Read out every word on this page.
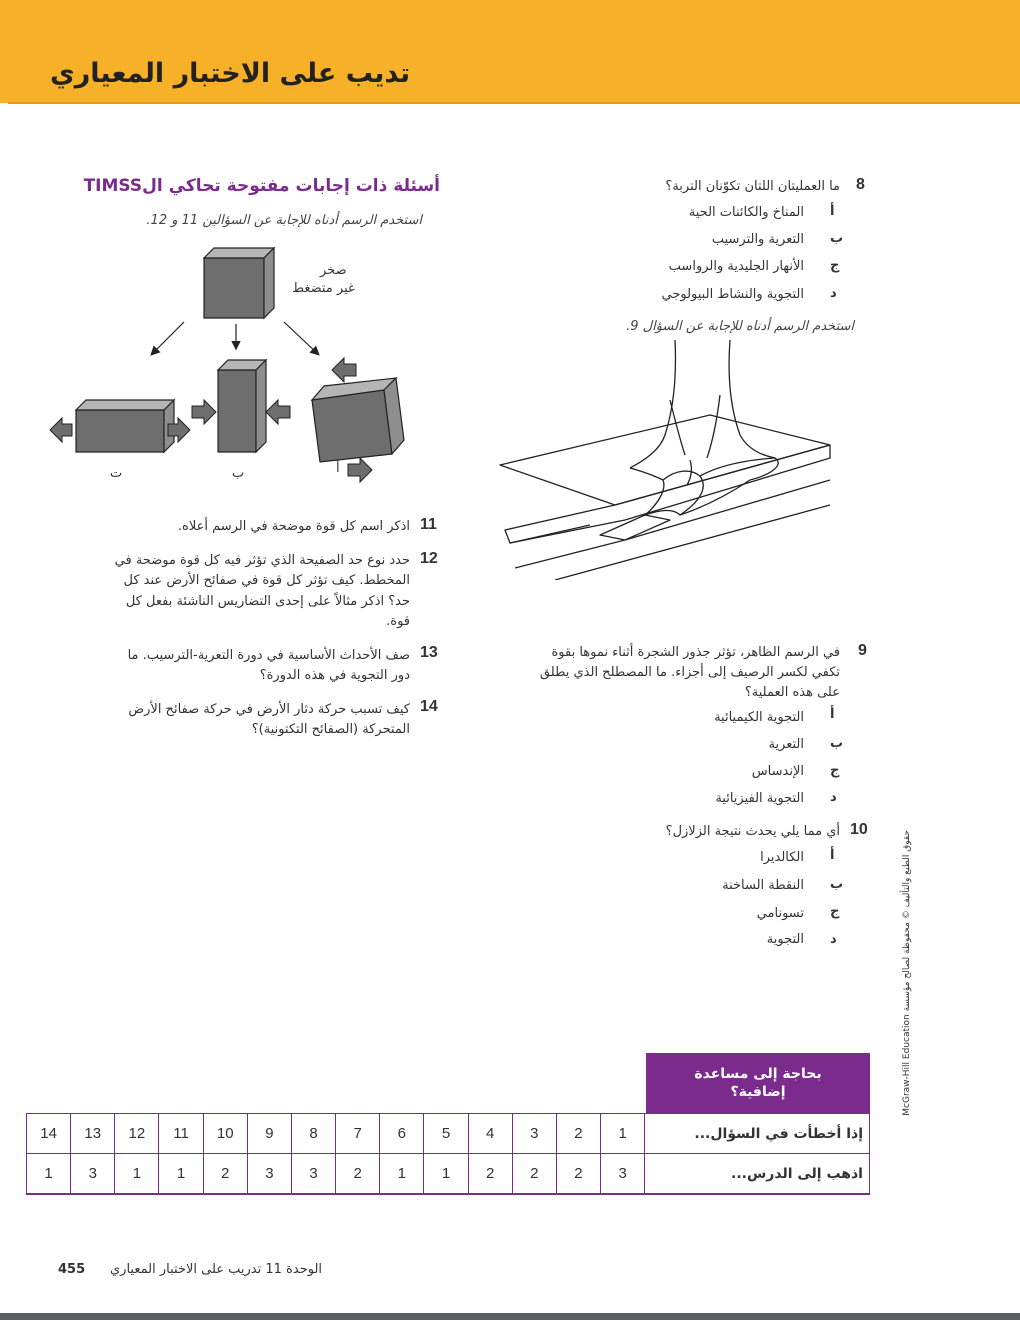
تديب على الاختبار المعياري
8
ما العمليتان اللتان تكوّنان التربة؟
أ
المناخ والكائنات الحية
ب
التعرية والترسيب
ج
الأنهار الجليدية والرواسب
د
التجوية والنشاط البيولوجي
استخدم الرسم أدناه للإجابة عن السؤال 9.
9
في الرسم الظاهر، تؤثر جذور الشجرة أثناء نموها بقوة
تكفي لكسر الرصيف إلى أجزاء. ما المصطلح الذي يطلق
على هذه العملية؟
أ
التجوية الكيميائية
ب
التعرية
ج
الإندساس
د
التجوية الفيزيائية
10
أي مما يلي يحدث نتيجة الزلازل؟
أ
الكالديرا
ب
النقطة الساخنة
ج
تسونامي
د
التجوية
أسئلة ذات إجابات مفتوحة تحاكي الTIMSS
استخدم الرسم أدناه للإجابة عن السؤالين 11 و 12.
صخر
غير متضغط
أ
ب
ت
11
اذكر اسم كل قوة موضحة في الرسم أعلاه.
12
حدد نوع حد الصفيحة الذي تؤثر فيه كل قوة موضحة في
المخطط. كيف تؤثر كل قوة في صفائح الأرض عند كل
حد؟ اذكر مثالاً على إحدى التضاريس الناشئة بفعل كل
قوة.
13
صف الأحداث الأساسية في دورة التعرية-الترسيب. ما
دور التجوية في هذه الدورة؟
14
كيف تسبب حركة دثار الأرض في حركة صفائح الأرض
المتحركة (الصفائح التكتونية)؟
حقوق الطبع والتأليف © محفوظة لصالح مؤسسة McGraw-Hill Education
بحاجة إلى مساعدة
إضافية؟
14	13	12	11	10	9	8	7	6	5	4	3	2	1	إذا أخطأت في السؤال...
1	3	1	1	2	3	3	2	1	1	2	2	2	3	اذهب إلى الدرس...
455 الوحدة 11 تدريب على الاختبار المعياري
